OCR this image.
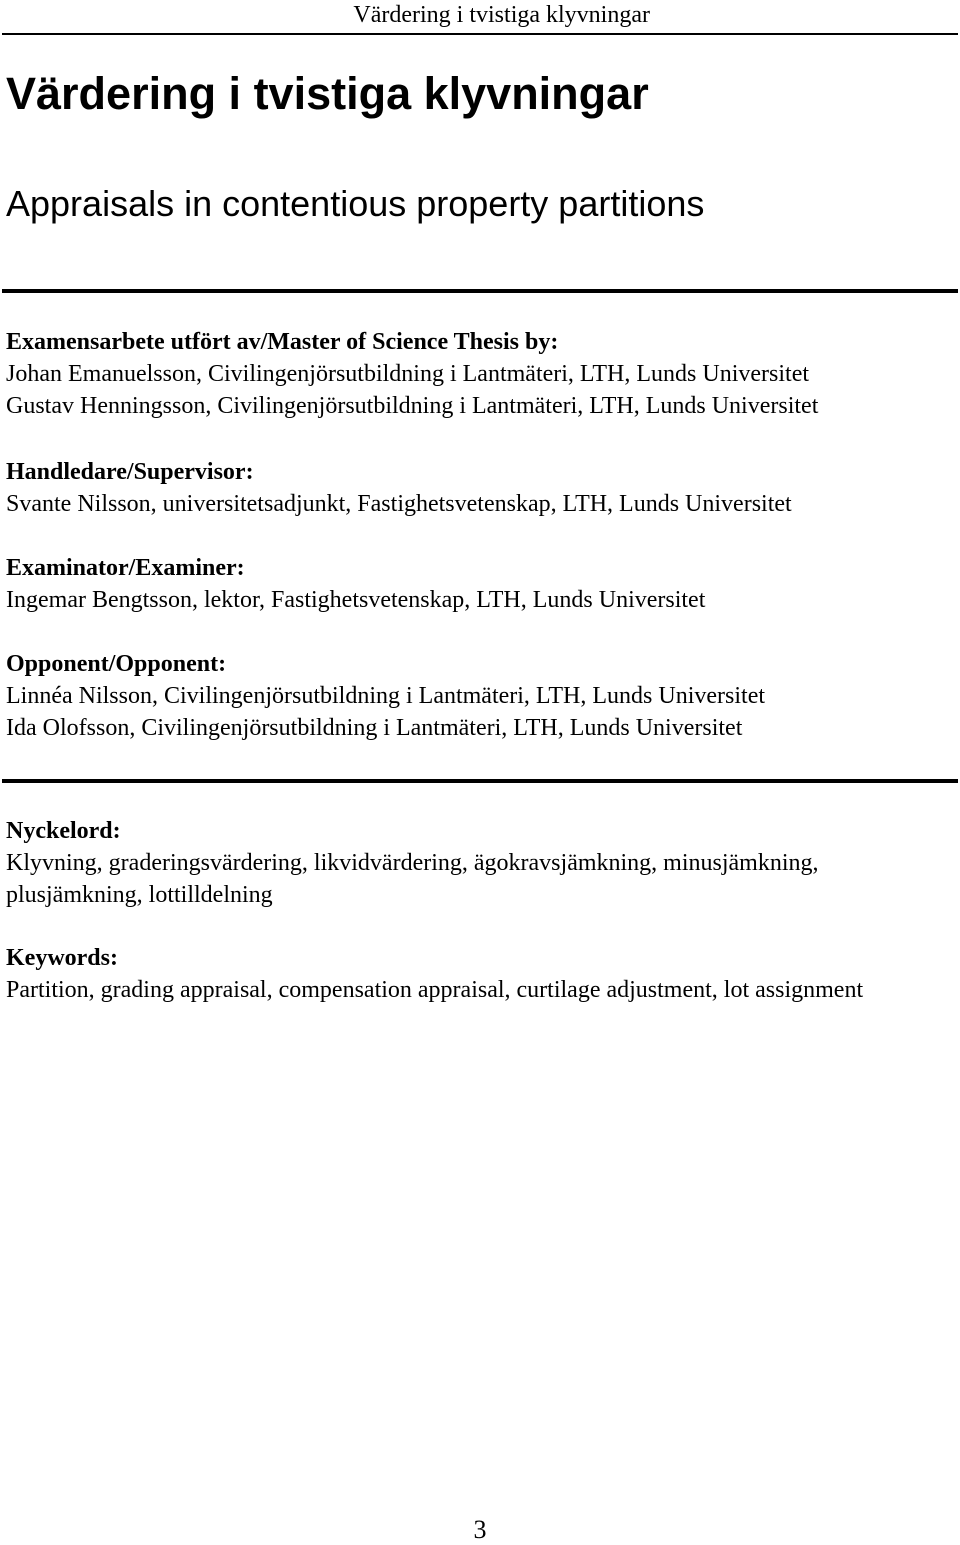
Värdering i tvistiga klyvningar
Värdering i tvistiga klyvningar
Appraisals in contentious property partitions
Examensarbete utfört av/Master of Science Thesis by:
Johan Emanuelsson, Civilingenjörsutbildning i Lantmäteri, LTH, Lunds Universitet
Gustav Henningsson, Civilingenjörsutbildning i Lantmäteri, LTH, Lunds Universitet
Handledare/Supervisor:
Svante Nilsson, universitetsadjunkt, Fastighetsvetenskap, LTH, Lunds Universitet
Examinator/Examiner:
Ingemar Bengtsson, lektor, Fastighetsvetenskap, LTH, Lunds Universitet
Opponent/Opponent:
Linnéa Nilsson, Civilingenjörsutbildning i Lantmäteri, LTH, Lunds Universitet
Ida Olofsson, Civilingenjörsutbildning i Lantmäteri, LTH, Lunds Universitet
Nyckelord:
Klyvning, graderingsvärdering, likvidvärdering, ägokravsjämkning, minusjämkning, plusjämkning, lottilldelning
Keywords:
Partition, grading appraisal, compensation appraisal, curtilage adjustment, lot assignment
3
